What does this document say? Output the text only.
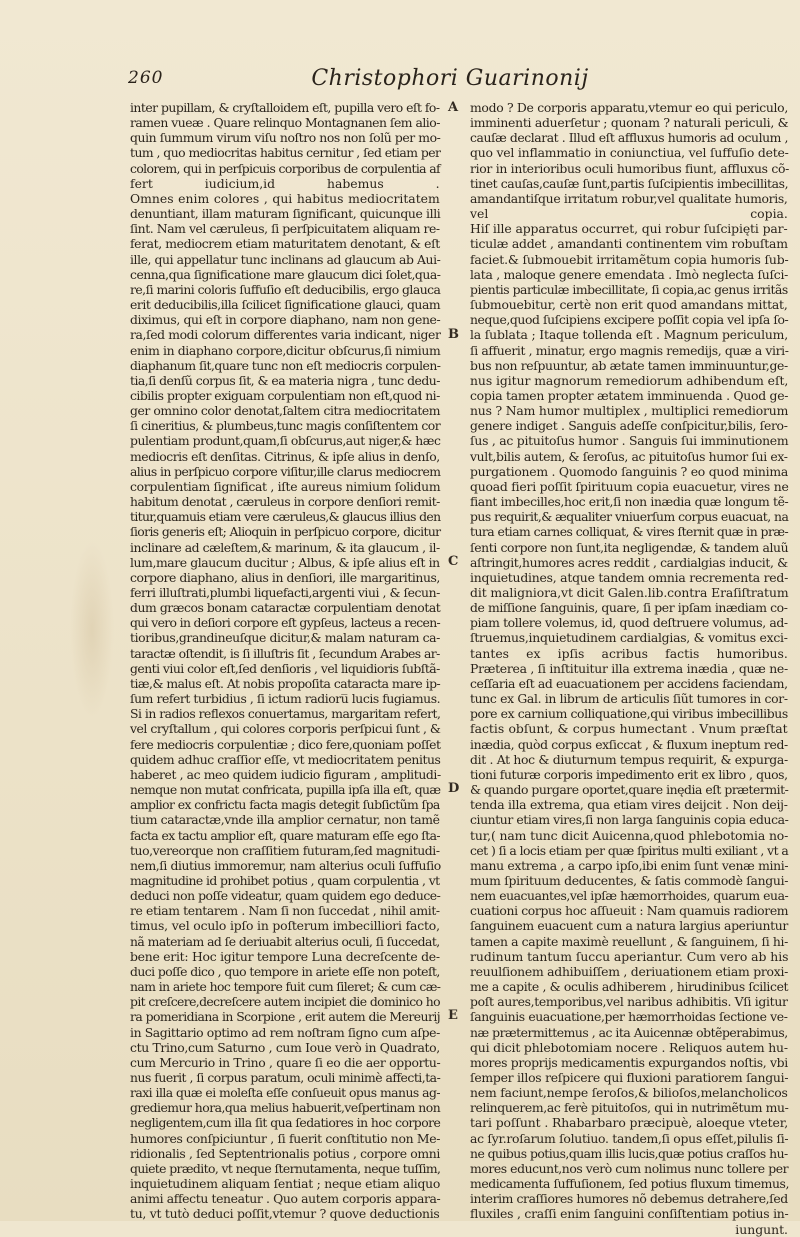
260	Christophori Guarinonij
inter pupillam, & cryſtalloidem eſt, pupilla vero eſt fo-
ramen vueæ . Quare relinquo Montagnanen ſem alio-
quin ſummum virum viſu noſtro nos non ſolũ per mo-
tum , quo mediocritas habitus cernitur , ſed etiam per
colorem, qui in perſpicuis corporibus de corpulentia af
fert iudicium,id habemus .
Omnes enim colores , qui habitus mediocritatem
denuntiant, illam maturam ſignificant, quicunque illi
ſint. Nam vel cæruleus, ſi perſpicuitatem aliquam re-
ferat, mediocrem etiam maturitatem denotant, & eſt
ille, qui appellatur tunc inclinans ad glaucum ab Aui-
cenna,qua ſignificatione mare glaucum dici ſolet,qua-
re,ſi marini coloris ſuffuſio eſt deducibilis, ergo glauca
erit deducibilis,illa ſcilicet ſignificatione glauci, quam
diximus, qui eſt in corpore diaphano, nam non gene-
ra,ſed modi colorum differentes varia indicant, niger
enim in diaphano corpore,dicitur obſcurus,ſi nimium
diaphanum ſit,quare tunc non eſt mediocris corpulen-
tia,ſi denſũ corpus ſit, & ea materia nigra , tunc dedu-
cibilis propter exiguam corpulentiam non eſt,quod ni-
ger omnino color denotat,ſaltem citra mediocritatem
ſi cineritius, & plumbeus,tunc magis conſiſtentem cor
pulentiam produnt,quam,ſi obſcurus,aut niger,& hæc
mediocris eſt denſitas. Citrinus, & ipſe alius in denſo,
alius in perſpicuo corpore viſitur,ille clarus mediocrem
corpulentiam ſignificat , iſte aureus nimium ſolidum
habitum denotat , cæruleus in corpore denſiori remit-
titur,quamuis etiam vere cæruleus,& glaucus illius den
ſioris generis eſt; Alioquin in perſpicuo corpore, dicitur
inclinare ad cæleſtem,& marinum, & ita glaucum , il-
lum,mare glaucum ducitur ; Albus, & ipſe alius eſt in
corpore diaphano, alius in denſiori, ille margaritinus,
ferri illuſtrati,plumbi liquefacti,argenti viui , & ſecun-
dum græcos bonam cataractæ corpulentiam denotat
qui vero in deſiori corpore eſt gypſeus, lacteus a recen-
tioribus,grandineuſque dicitur,& malam naturam ca-
taractæ oſtendit, is ſi illuſtris ſit , ſecundum Arabes ar-
genti viui color eſt,ſed denſioris , vel liquidioris ſubſtã-
tiæ,& malus eſt. At nobis propoſita cataracta mare ip-
ſum refert turbidius , ſi ictum radioru̅ lucis fugiamus.
Si in radios reflexos conuertamus, margaritam refert,
vel cryſtallum , qui colores corporis perſpicui ſunt , &
fere mediocris corpulentiæ ; dico fere,quoniam poſſet
quidem adhuc craſſior eſſe, vt mediocritatem penitus
haberet , ac meo quidem iudicio figuram , amplitudi-
nemque non mutat confricata, pupilla ipſa illa eſt, quæ
amplior ex confrictu facta magis detegit ſubſictũm ſpa
tium cataractæ,vnde illa amplior cernatur, non tamẽ
facta ex tactu amplior eſt, quare maturam eſſe ego ſta-
tuo,vereorque non craſſitiem futuram,ſed magnitudi-
nem,ſi diutius immoremur, nam alterius oculi ſuffuſio
magnitudine id prohibet potius , quam corpulentia , vt
deduci non poſſe videatur, quam quidem ego deduce-
re etiam tentarem . Nam ſi non ſuccedat , nihil amit-
timus, vel oculo ipſo in poſterum imbecilliori facto,
nã materiam ad ſe deriuabit alterius oculi, ſi ſuccedat,
bene erit: Hoc igitur tempore Luna decreſcente de-
duci poſſe dico , quo tempore in ariete eſſe non poteſt,
nam in ariete hoc tempore fuit cum ſileret; & cum cæ-
pit creſcere,decreſcere autem incipiet die dominico ho
ra pomeridiana in Scorpione , erit autem die Mereurij
in Sagittario optimo ad rem noſtram ſigno cum aſpe-
ctu Trino,cum Saturno , cum Ioue verò in Quadrato,
cum Mercurio in Trino , quare ſi eo die aer opportu-
nus fuerit , ſi corpus paratum, oculi minimè affecti,ta-
raxi illa quæ ei moleſta eſſe conſueuit opus manus ag-
grediemur hora,qua melius habuerit,veſpertinam non
negligentem,cum illa ſit qua ſedatiores in hoc corpore
humores conſpiciuntur , ſi fuerit conſtitutio non Me-
ridionalis , ſed Septentrionalis potius , corpore omni
quiete prædito, vt neque ſternutamenta, neque tuſſim,
inquietudinem aliquam ſentiat ; neque etiam aliquo
animi affectu teneatur . Quo autem corporis appara-
tu, vt tutò deduci poſſit,vtemur ? quove deductionis
A
B
C
D
E
modo ? De corporis apparatu,vtemur eo qui periculo,
imminenti aduerſetur ; quonam ? naturali periculi, &
cauſæ declarat . Illud eſt affluxus humoris ad oculum ,
quo vel inflammatio in coniunctiua, vel ſuffuſio dete-
rior in interioribus oculi humoribus fiunt, affluxus cõ-
tinet cauſas,cauſæ ſunt,partis ſuſcipientis imbecillitas,
amandantiſque irritatum robur,vel qualitate humoris,
vel copia.
Hiſ ille apparatus occurret, qui robur ſuſcipięti par-
ticulæ addet , amandanti continentem vim robuſtam
faciet.& ſubmouebit irritamẽtum copia humoris ſub-
lata , maloque genere emendata . Imò neglecta ſuſci-
pientis particulæ imbecillitate, ſi copia,ac genus irritãs
ſubmouebitur, certè non erit quod amandans mittat,
neque,quod ſuſcipiens excipere poſſit copia vel ipſa ſo-
la ſublata ; Itaque tollenda eſt . Magnum periculum,
ſi affuerit , minatur, ergo magnis remedijs, quæ a viri-
bus non reſpuuntur, ab ætate tamen imminuuntur,ge-
nus igitur magnorum remediorum adhibendum eſt,
copia tamen propter ætatem imminuenda . Quod ge-
nus ? Nam humor multiplex , multiplici remediorum
genere indiget . Sanguis adeſſe conſpicitur,bilis, ſero-
ſus , ac pituitoſus humor . Sanguis ſui imminutionem
vult,bilis autem, & ſeroſus, ac pituitoſus humor ſui ex-
purgationem . Quomodo ſanguinis ? eo quod minima
quoad fieri poſſit ſpirituum copia euacuetur, vires ne
fiant imbecilles,hoc erit,ſi non inædia quæ longum tẽ-
pus requirit,& æqualiter vniuerſum corpus euacuat, na
tura etiam carnes colliquat, & vires ſternit quæ in præ-
ſenti corpore non ſunt,ita negligendæ, & tandem aluũ
aſtringit,humores acres reddit , cardialgias inducit, &
inquietudines, atque tandem omnia recrementa red-
dit maligniora,vt dicit Galen.lib.contra Eraſiſtratum
de miſſione ſanguinis, quare, ſi per ipſam inædiam co-
piam tollere volemus, id, quod deſtruere volumus, ad-
ſtruemus,inquietudinem cardialgias, & vomitus exci-
tantes ex ipſis acribus factis humoribus.
Præterea , ſi inſtituitur illa extrema inædia , quæ ne-
ceſſaria eſt ad euacuationem per accidens faciendam,
tunc ex Gal. in librum de articulis ſiũt tumores in cor-
pore ex carnium colliquatione,qui viribus imbecillibus
factis obſunt, & corpus humectant . Vnum præſtat
inædia, quòd corpus exſiccat , & fluxum ineptum red-
dit . At hoc & diuturnum tempus requirit, & expurga-
tioni futuræ corporis impedimento erit ex libro , quos,
& quando purgare oportet,quare inędia eſt prætermit-
tenda illa extrema, qua etiam vires deijcit . Non deij-
ciuntur etiam vires,ſi non larga ſanguinis copia educa-
tur,( nam tunc dicit Auicenna,quod phlebotomia no-
cet ) ſi a locis etiam per quæ ſpiritus multi exiliant , vt a
manu extrema , a carpo ipſo,ibi enim ſunt venæ mini-
mum ſpirituum deducentes, & ſatis commodè ſangui-
nem euacuantes,vel ipſæ hæmorrhoides, quarum eua-
cuationi corpus hoc aſſueuit : Nam quamuis radiorem
ſanguinem euacuent cum a natura largius aperiuntur
tamen a capite maximè reuellunt , & ſanguinem, ſi hi-
rudinum tantum ſuccu aperiantur. Cum vero ab his
reuulſionem adhibuiſſem , deriuationem etiam proxi-
me a capite , & oculis adhiberem , hirudinibus ſcilicet
poſt aures,temporibus,vel naribus adhibitis. Vſi igitur
ſanguinis euacuatione,per hæmorrhoidas ſectione ve-
næ prætermittemus , ac ita Auicennæ obtẽperabimus,
qui dicit phlebotomiam nocere . Reliquos autem hu-
mores proprijs medicamentis expurgandos noſtis, vbi
ſemper illos reſpicere qui fluxioni paratiorem ſangui-
nem faciunt,nempe ſeroſos,& bilioſos,melancholicos
relinquerem,ac ferè pituitoſos, qui in nutrimẽtum mu-
tari poſſunt . Rhabarbaro præcipuè, aloeque vteter,
ac ſyr.roſarum ſolutiuo. tandem,ſi opus eſſet,pilulis ſi-
ne quibus potius,quam illis lucis,quæ potius craſſos hu-
mores educunt,nos verò cum nolimus nunc tollere per
medicamenta ſuffuſionem, ſed potius fluxum timemus,
interim craſſiores humores nõ debemus detrahere,ſed
fluxiles , craſſi enim ſanguini conſiſtentiam potius in-
iungunt.
